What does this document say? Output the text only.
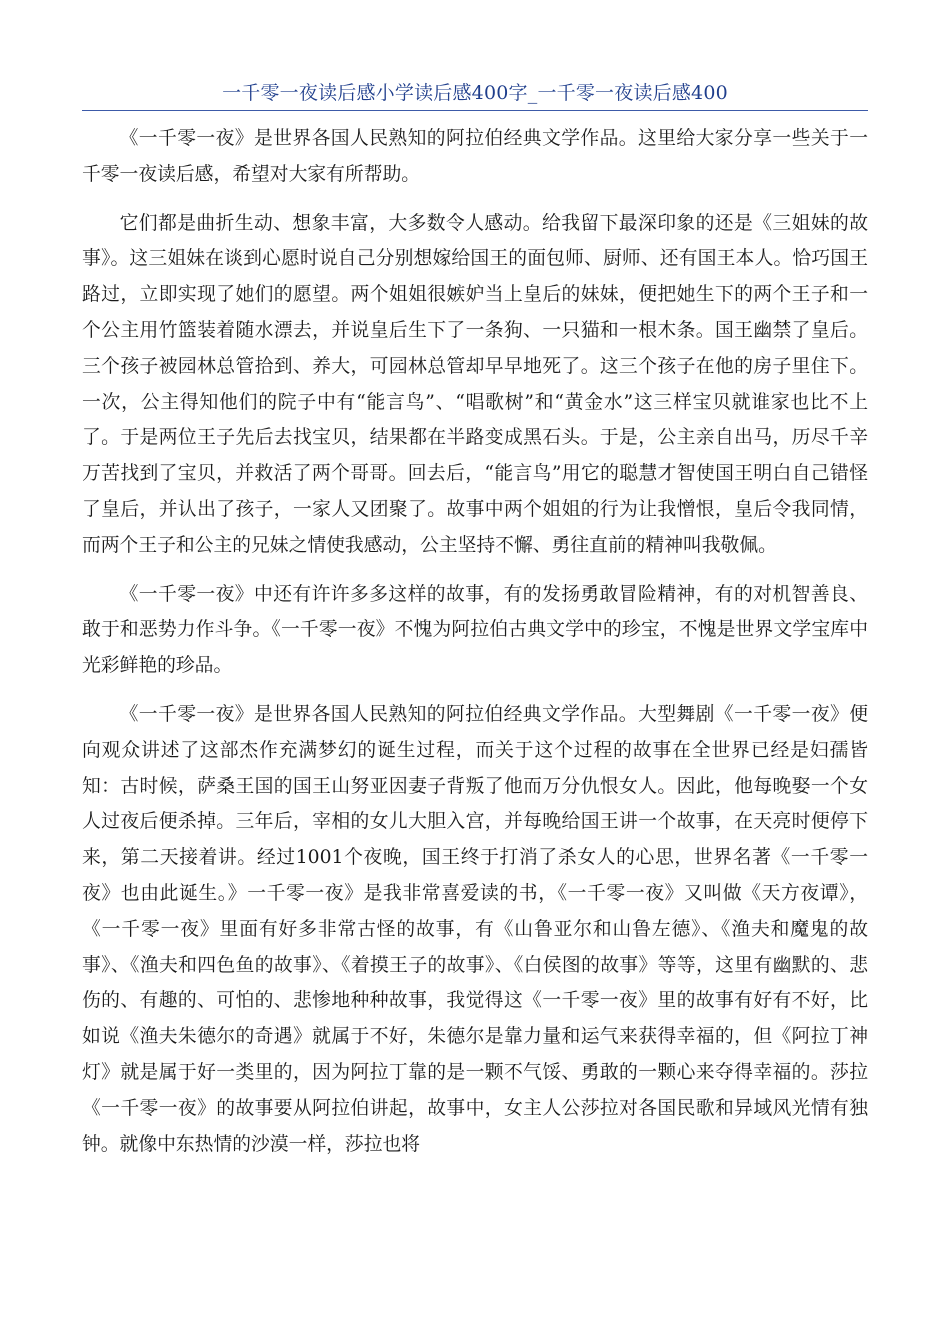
一千零一夜读后感小学读后感400字_一千零一夜读后感400

《一千零一夜》是世界各国人民熟知的阿拉伯经典文学作品。这里给大家分享一些关于一千零一夜读后感，希望对大家有所帮助。

它们都是曲折生动、想象丰富，大多数令人感动。给我留下最深印象的还是《三姐妹的故事》。这三姐妹在谈到心愿时说自己分别想嫁给国王的面包师、厨师、还有国王本人。恰巧国王路过，立即实现了她们的愿望。两个姐姐很嫉妒当上皇后的妹妹，便把她生下的两个王子和一个公主用竹篮装着随水漂去，并说皇后生下了一条狗、一只猫和一根木条。国王幽禁了皇后。三个孩子被园林总管拾到、养大，可园林总管却早早地死了。这三个孩子在他的房子里住下。一次，公主得知他们的院子中有“能言鸟”、“唱歌树”和“黄金水”这三样宝贝就谁家也比不上了。于是两位王子先后去找宝贝，结果都在半路变成黑石头。于是，公主亲自出马，历尽千辛万苦找到了宝贝，并救活了两个哥哥。回去后，“能言鸟”用它的聪慧才智使国王明白自己错怪了皇后，并认出了孩子，一家人又团聚了。故事中两个姐姐的行为让我憎恨，皇后令我同情，而两个王子和公主的兄妹之情使我感动，公主坚持不懈、勇往直前的精神叫我敬佩。

《一千零一夜》中还有许许多多这样的故事，有的发扬勇敢冒险精神，有的对机智善良、敢于和恶势力作斗争。《一千零一夜》不愧为阿拉伯古典文学中的珍宝，不愧是世界文学宝库中光彩鲜艳的珍品。

《一千零一夜》是世界各国人民熟知的阿拉伯经典文学作品。大型舞剧《一千零一夜》便向观众讲述了这部杰作充满梦幻的诞生过程，而关于这个过程的故事在全世界已经是妇孺皆知：古时候，萨桑王国的国王山努亚因妻子背叛了他而万分仇恨女人。因此，他每晚娶一个女人过夜后便杀掉。三年后，宰相的女儿大胆入宫，并每晚给国王讲一个故事，在天亮时便停下来，第二天接着讲。经过1001个夜晚，国王终于打消了杀女人的心思，世界名著《一千零一夜》也由此诞生。》一千零一夜》是我非常喜爱读的书，《一千零一夜》又叫做《天方夜谭》，《一千零一夜》里面有好多非常古怪的故事，有《山鲁亚尔和山鲁左德》、《渔夫和魔鬼的故事》、《渔夫和四色鱼的故事》、《着摸王子的故事》、《白侯图的故事》等等，这里有幽默的、悲伤的、有趣的、可怕的、悲惨地种种故事，我觉得这《一千零一夜》里的故事有好有不好，比如说《渔夫朱德尔的奇遇》就属于不好，朱德尔是靠力量和运气来获得幸福的，但《阿拉丁神灯》就是属于好一类里的，因为阿拉丁靠的是一颗不气馁、勇敢的一颗心来夺得幸福的。莎拉《一千零一夜》的故事要从阿拉伯讲起，故事中，女主人公莎拉对各国民歌和异域风光情有独钟。就像中东热情的沙漠一样，莎拉也将
